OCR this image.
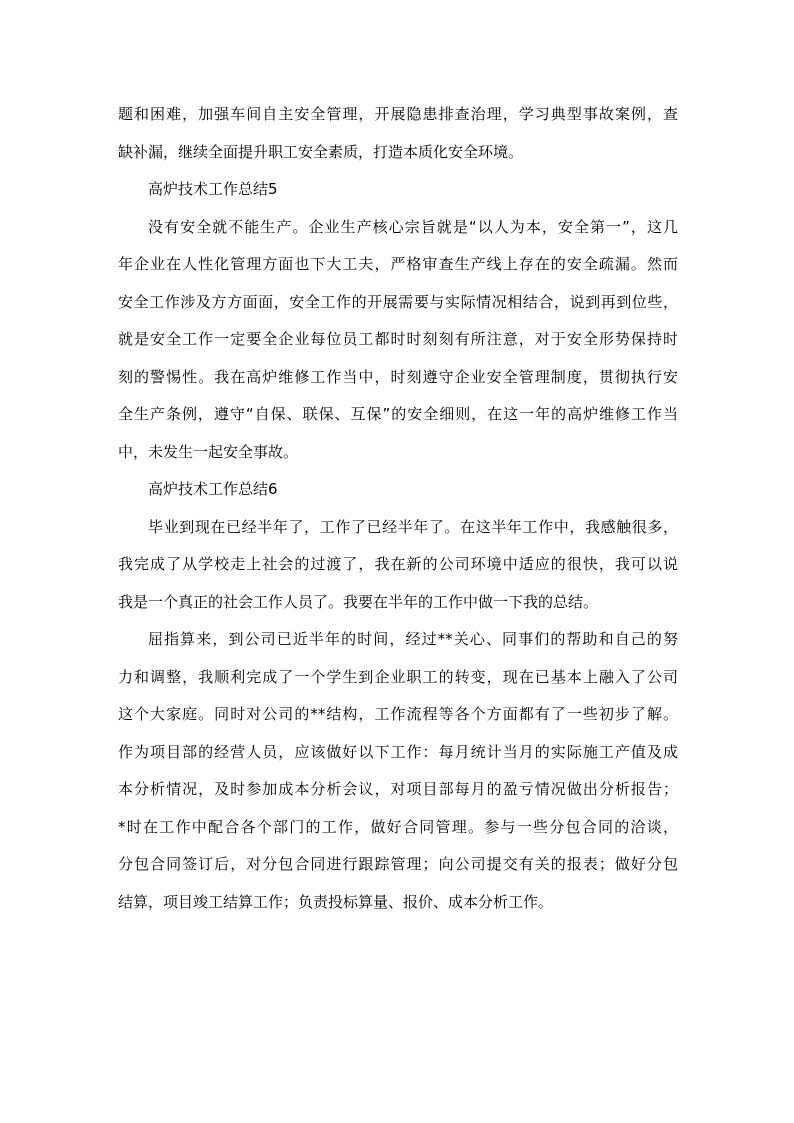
题和困难，加强车间自主安全管理，开展隐患排查治理，学习典型事故案例，查
缺补漏，继续全面提升职工安全素质，打造本质化安全环境。
高炉技术工作总结5
没有安全就不能生产。企业生产核心宗旨就是“以人为本，安全第一”，这几
年企业在人性化管理方面也下大工夫，严格审查生产线上存在的安全疏漏。然而
安全工作涉及方方面面，安全工作的开展需要与实际情况相结合，说到再到位些，
就是安全工作一定要全企业每位员工都时时刻刻有所注意，对于安全形势保持时
刻的警惕性。我在高炉维修工作当中，时刻遵守企业安全管理制度，贯彻执行安
全生产条例，遵守“自保、联保、互保”的安全细则，在这一年的高炉维修工作当
中，未发生一起安全事故。
高炉技术工作总结6
毕业到现在已经半年了，工作了已经半年了。在这半年工作中，我感触很多，
我完成了从学校走上社会的过渡了，我在新的公司环境中适应的很快，我可以说
我是一个真正的社会工作人员了。我要在半年的工作中做一下我的总结。
屈指算来，到公司已近半年的时间，经过**关心、同事们的帮助和自己的努
力和调整，我顺利完成了一个学生到企业职工的转变，现在已基本上融入了公司
这个大家庭。同时对公司的**结构，工作流程等各个方面都有了一些初步了解。
作为项目部的经营人员，应该做好以下工作：每月统计当月的实际施工产值及成
本分析情况，及时参加成本分析会议，对项目部每月的盈亏情况做出分析报告；
*时在工作中配合各个部门的工作，做好合同管理。参与一些分包合同的洽谈，
分包合同签订后，对分包合同进行跟踪管理；向公司提交有关的报表；做好分包
结算，项目竣工结算工作；负责投标算量、报价、成本分析工作。
